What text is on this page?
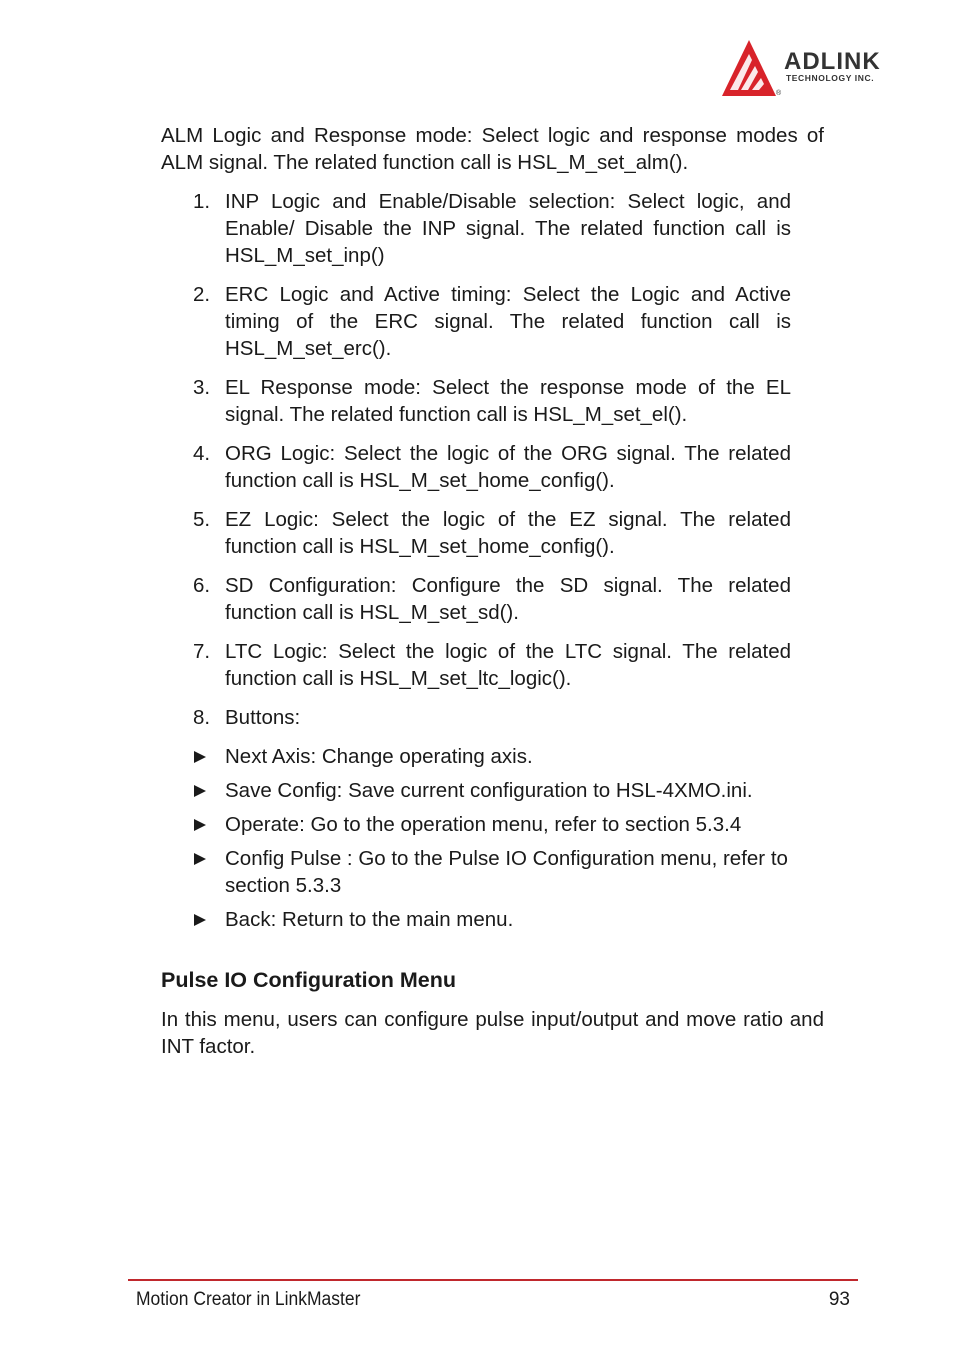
ADLINK
TECHNOLOGY INC.
®

ALM Logic and Response mode: Select logic and response modes of ALM signal. The related function call is HSL_M_set_alm().

1. INP Logic and Enable/Disable selection: Select logic, and Enable/ Disable the INP signal. The related function call is HSL_M_set_inp()
2. ERC Logic and Active timing: Select the Logic and Active timing of the ERC signal. The related function call is HSL_M_set_erc().
3. EL Response mode: Select the response mode of the EL signal. The related function call is HSL_M_set_el().
4. ORG Logic: Select the logic of the ORG signal. The related function call is HSL_M_set_home_config().
5. EZ Logic: Select the logic of the EZ signal. The related function call is HSL_M_set_home_config().
6. SD Configuration: Configure the SD signal. The related function call is HSL_M_set_sd().
7. LTC Logic: Select the logic of the LTC signal. The related function call is HSL_M_set_ltc_logic().
8. Buttons:
Next Axis: Change operating axis.
Save Config: Save current configuration to HSL-4XMO.ini.
Operate: Go to the operation menu, refer to section 5.3.4
Config Pulse : Go to the Pulse IO Configuration menu, refer to section 5.3.3
Back: Return to the main menu.
Pulse IO Configuration Menu

In this menu, users can configure pulse input/output and move ratio and INT factor.

Motion Creator in LinkMaster	93
